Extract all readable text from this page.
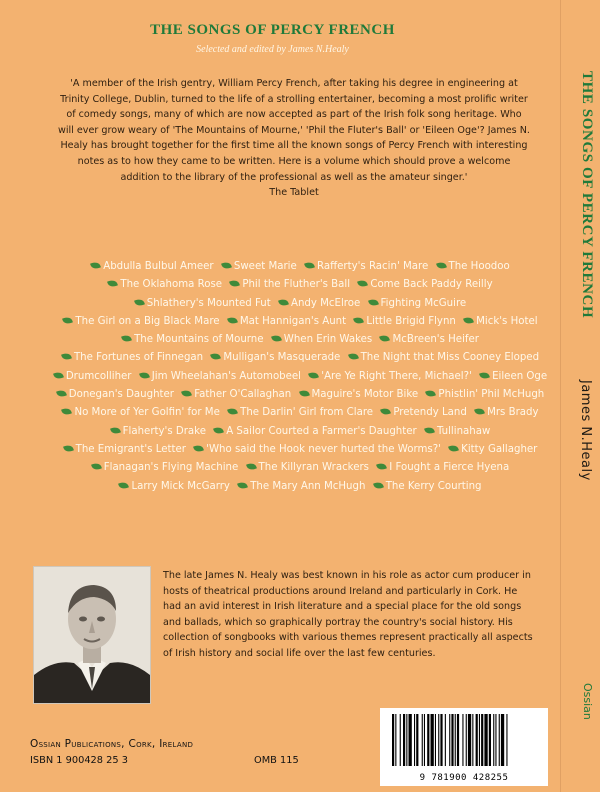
THE SONGS OF PERCY FRENCH
Selected and edited by James N.Healy
'A member of the Irish gentry, William Percy French, after taking his degree in engineering at Trinity College, Dublin, turned to the life of a strolling entertainer, becoming a most prolific writer of comedy songs, many of which are now accepted as part of the Irish folk song heritage. Who will ever grow weary of 'The Mountains of Mourne,' 'Phil the Fluter's Ball' or 'Eileen Oge'? James N. Healy has brought together for the first time all the known songs of Percy French with interesting notes as to how they came to be written. Here is a volume which should prove a welcome addition to the library of the professional as well as the amateur singer.'
The Tablet
Abdulla Bulbul Ameer Sweet Marie Rafferty's Racin' Mare The Hoodoo The Oklahoma Rose Phil the Fluther's Ball Come Back Paddy Reilly Shlathery's Mounted Fut Andy McElroe Fighting McGuire The Girl on a Big Black Mare Mat Hannigan's Aunt Little Brigid Flynn Mick's Hotel The Mountains of Mourne When Erin Wakes McBreen's Heifer The Fortunes of Finnegan Mulligan's Masquerade The Night that Miss Cooney Eloped Drumcolliher Jim Wheelahan's Automobeel 'Are Ye Right There, Michael?' Eileen Oge Donegan's Daughter Father O'Callaghan Maguire's Motor Bike Phistlin' Phil McHugh No More of Yer Golfin' for Me The Darlin' Girl from Clare Pretendy Land Mrs Brady Flaherty's Drake A Sailor Courted a Farmer's Daughter Tullinahaw The Emigrant's Letter 'Who said the Hook never hurted the Worms?' Kitty Gallagher Flanagan's Flying Machine The Killyran Wrackers I Fought a Fierce Hyena Larry Mick McGarry The Mary Ann McHugh The Kerry Courting
The late James N. Healy was best known in his role as actor cum producer in hosts of theatrical productions around Ireland and particularly in Cork. He had an avid interest in Irish literature and a special place for the old songs and ballads, which so graphically portray the country's social history. His collection of songbooks with various themes represent practically all aspects of Irish history and social life over the last few centuries.
Ossian Publications, Cork, Ireland
ISBN 1 900428 25 3	OMB 115
9 781900 428255
THE SONGS OF PERCY FRENCH
James N.Healy
Ossian
